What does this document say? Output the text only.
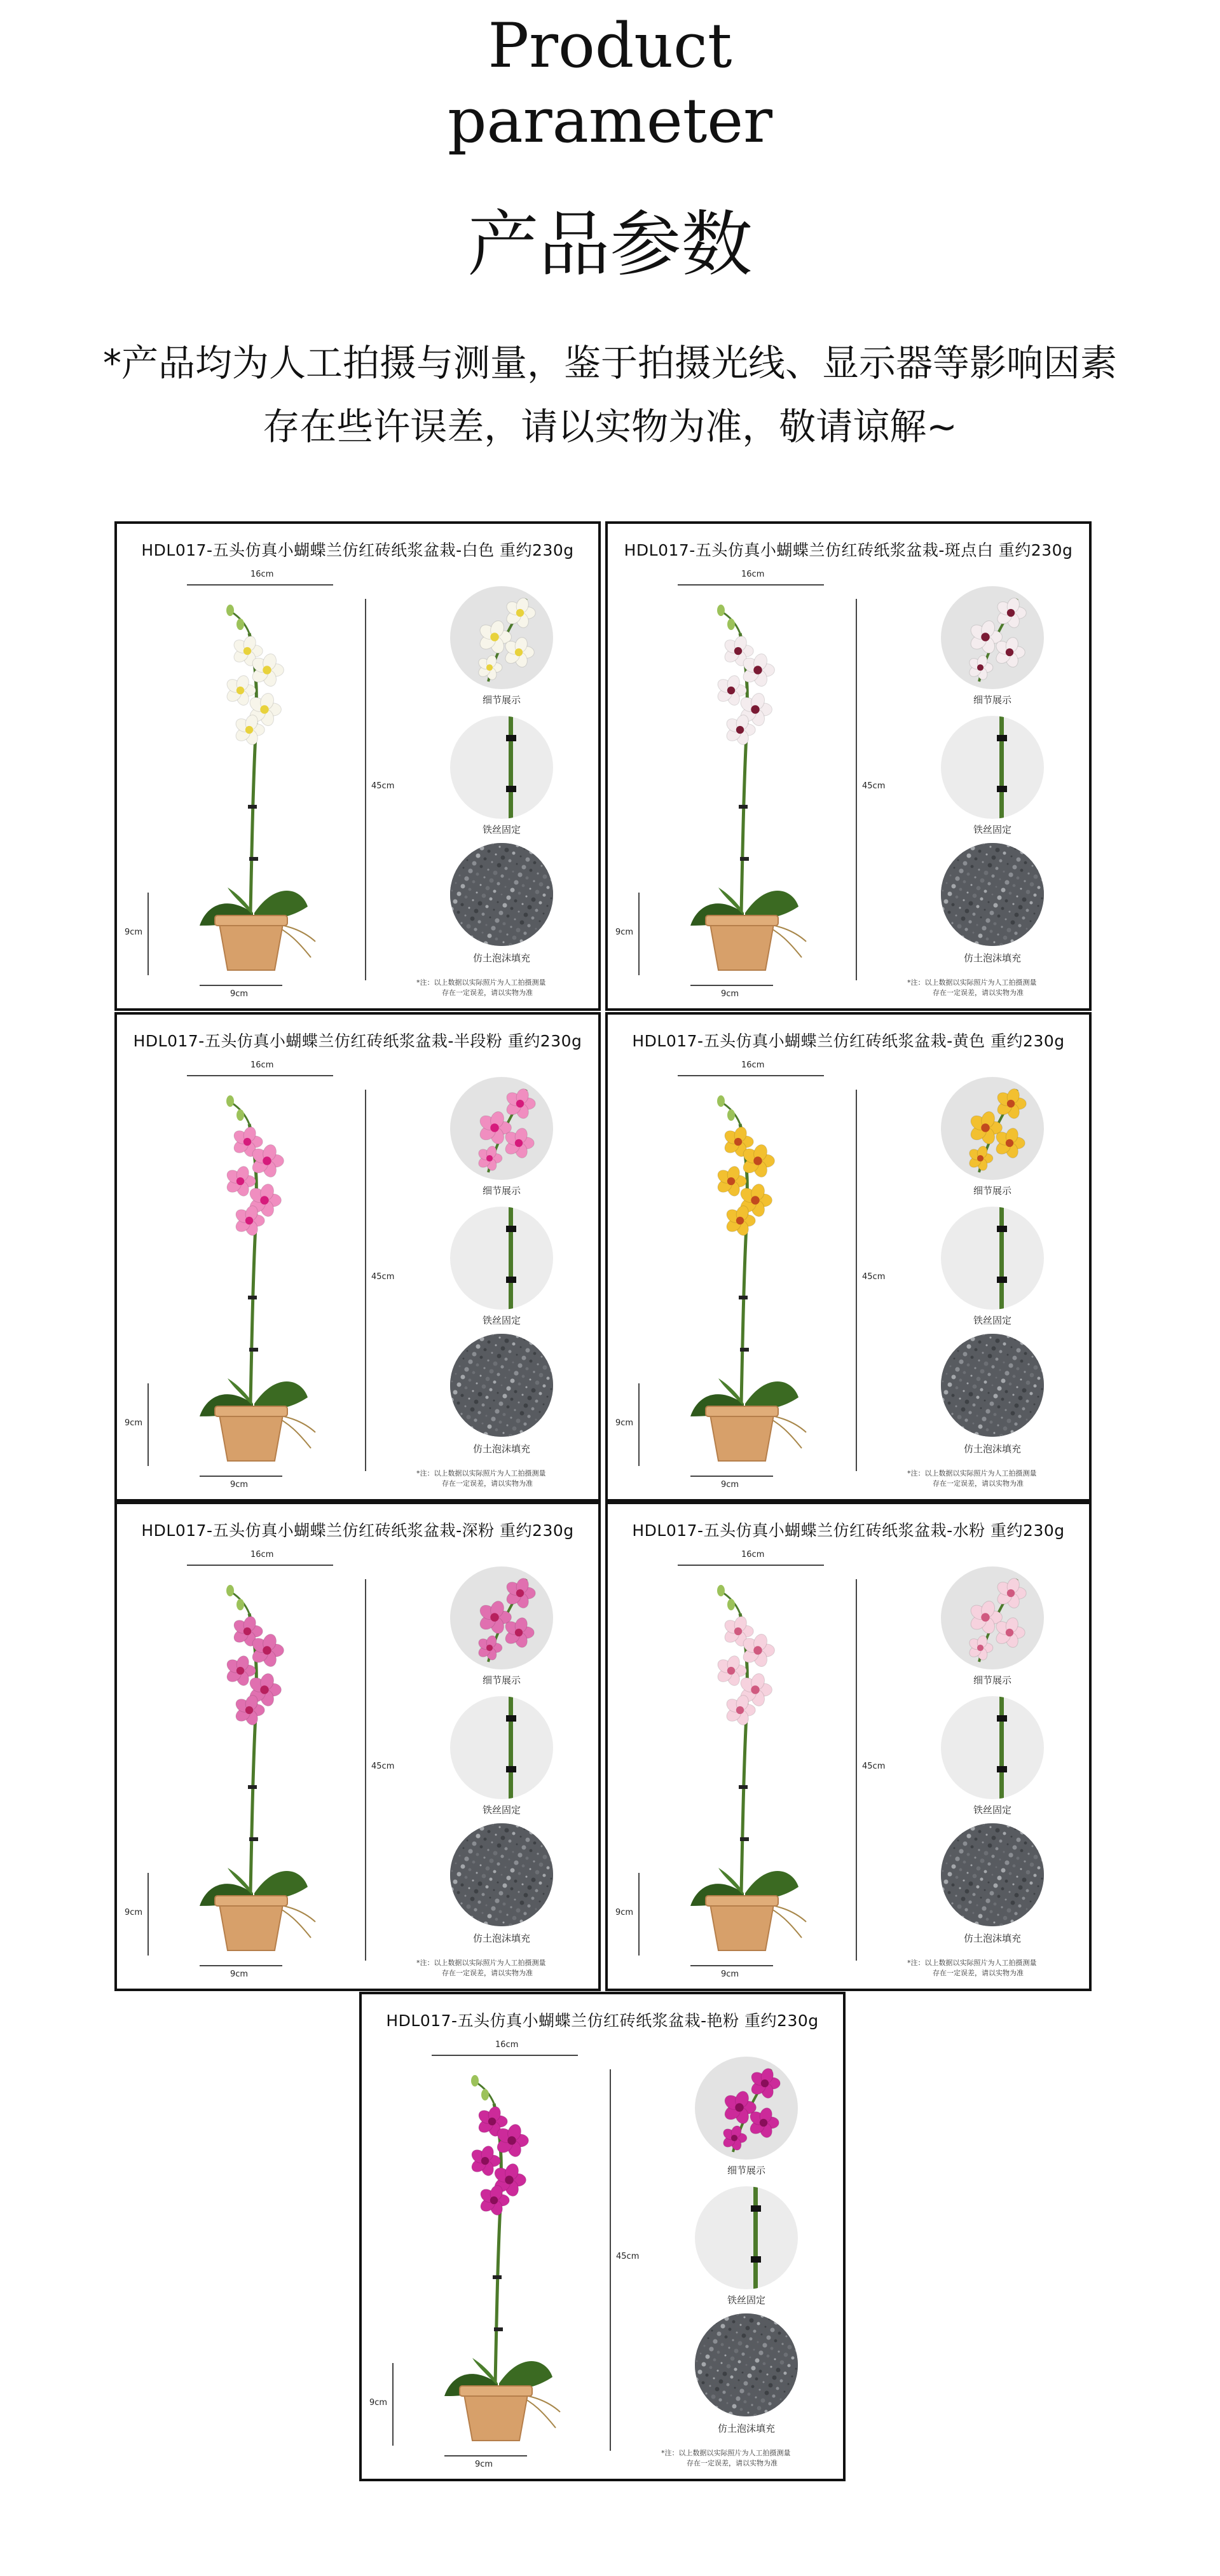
Product
parameter
产品参数
*产品均为人工拍摄与测量，鉴于拍摄光线、显示器等影响因素
存在些许误差，请以实物为准，敬请谅解~
HDL017-五头仿真小蝴蝶兰仿红砖纸浆盆栽-白色 重约230g
16cm
45cm
9cm
9cm
细节展示
铁丝固定
仿土泡沫填充
*注：以上数据以实际照片为人工拍摄测量
存在一定误差，请以实物为准
HDL017-五头仿真小蝴蝶兰仿红砖纸浆盆栽-斑点白 重约230g
16cm
45cm
9cm
9cm
细节展示
铁丝固定
仿土泡沫填充
*注：以上数据以实际照片为人工拍摄测量
存在一定误差，请以实物为准
HDL017-五头仿真小蝴蝶兰仿红砖纸浆盆栽-半段粉 重约230g
16cm
45cm
9cm
9cm
细节展示
铁丝固定
仿土泡沫填充
*注：以上数据以实际照片为人工拍摄测量
存在一定误差，请以实物为准
HDL017-五头仿真小蝴蝶兰仿红砖纸浆盆栽-黄色 重约230g
16cm
45cm
9cm
9cm
细节展示
铁丝固定
仿土泡沫填充
*注：以上数据以实际照片为人工拍摄测量
存在一定误差，请以实物为准
HDL017-五头仿真小蝴蝶兰仿红砖纸浆盆栽-深粉 重约230g
16cm
45cm
9cm
9cm
细节展示
铁丝固定
仿土泡沫填充
*注：以上数据以实际照片为人工拍摄测量
存在一定误差，请以实物为准
HDL017-五头仿真小蝴蝶兰仿红砖纸浆盆栽-水粉 重约230g
16cm
45cm
9cm
9cm
细节展示
铁丝固定
仿土泡沫填充
*注：以上数据以实际照片为人工拍摄测量
存在一定误差，请以实物为准
HDL017-五头仿真小蝴蝶兰仿红砖纸浆盆栽-艳粉 重约230g
16cm
45cm
9cm
9cm
细节展示
铁丝固定
仿土泡沫填充
*注：以上数据以实际照片为人工拍摄测量
存在一定误差，请以实物为准
